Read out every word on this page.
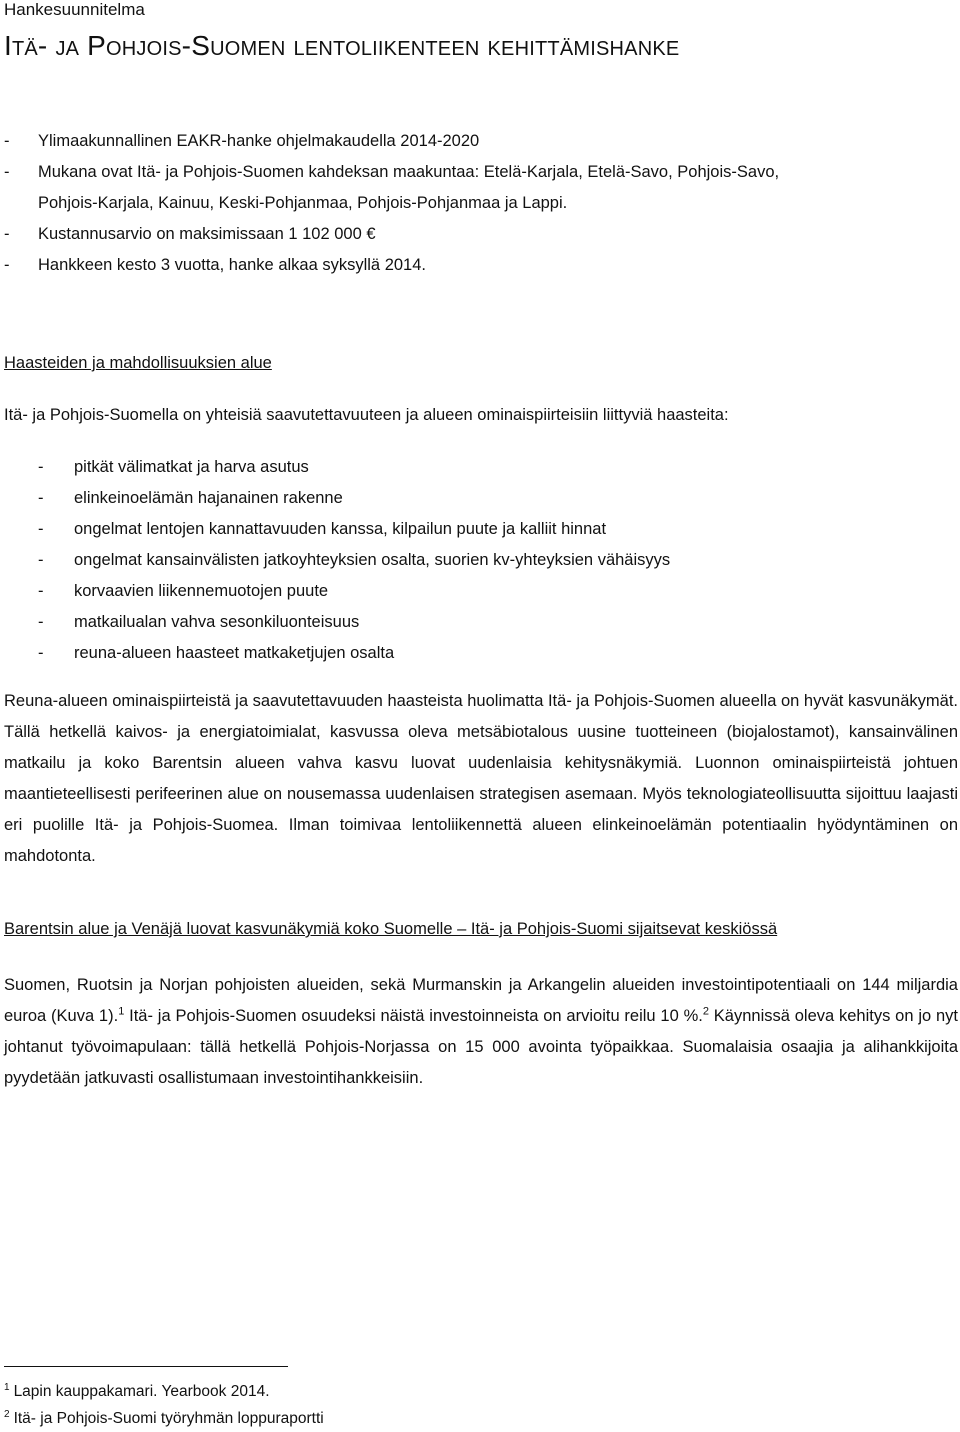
Hankesuunnitelma
Itä- ja Pohjois-Suomen lentoliikenteen kehittämishanke
- Ylimaakunnallinen EAKR-hanke ohjelmakaudella 2014-2020
- Mukana ovat Itä- ja Pohjois-Suomen kahdeksan maakuntaa: Etelä-Karjala, Etelä-Savo, Pohjois-Savo,
Pohjois-Karjala, Kainuu, Keski-Pohjanmaa, Pohjois-Pohjanmaa ja Lappi.
- Kustannusarvio on maksimissaan 1 102 000 €
- Hankkeen kesto 3 vuotta, hanke alkaa syksyllä 2014.
Haasteiden ja mahdollisuuksien alue
Itä- ja Pohjois-Suomella on yhteisiä saavutettavuuteen ja alueen ominaispiirteisiin liittyviä haasteita:
- pitkät välimatkat ja harva asutus
- elinkeinoelämän hajanainen rakenne
- ongelmat lentojen kannattavuuden kanssa, kilpailun puute ja kalliit hinnat
- ongelmat kansainvälisten jatkoyhteyksien osalta, suorien kv-yhteyksien vähäisyys
- korvaavien liikennemuotojen puute
- matkailualan vahva sesonkiluonteisuus
- reuna-alueen haasteet matkaketjujen osalta
Reuna-alueen ominaispiirteistä ja saavutettavuuden haasteista huolimatta Itä- ja Pohjois-Suomen alueella on hyvät kasvunäkymät. Tällä hetkellä kaivos- ja energiatoimialat, kasvussa oleva metsäbiotalous uusine tuotteineen (biojalostamot), kansainvälinen matkailu ja koko Barentsin alueen vahva kasvu luovat uudenlaisia kehitysnäkymiä. Luonnon ominaispiirteistä johtuen maantieteellisesti perifeerinen alue on nousemassa uudenlaisen strategisen asemaan. Myös teknologiateollisuutta sijoittuu laajasti eri puolille Itä- ja Pohjois-Suomea. Ilman toimivaa lentoliikennettä alueen elinkeinoelämän potentiaalin hyödyntäminen on mahdotonta.
Barentsin alue ja Venäjä luovat kasvunäkymiä koko Suomelle – Itä- ja Pohjois-Suomi sijaitsevat keskiössä
Suomen, Ruotsin ja Norjan pohjoisten alueiden, sekä Murmanskin ja Arkangelin alueiden investointipotentiaali on 144 miljardia euroa (Kuva 1).$^1$ Itä- ja Pohjois-Suomen osuudeksi näistä investoinneista on arvioitu reilu 10 %.$^2$ Käynnissä oleva kehitys on jo nyt johtanut työvoimapulaan: tällä hetkellä Pohjois-Norjassa on 15 000 avointa työpaikkaa. Suomalaisia osaajia ja alihankkijoita pyydetään jatkuvasti osallistumaan investointihankkeisiin.
$^1$ Lapin kauppakamari. Yearbook 2014.
$^2$ Itä- ja Pohjois-Suomi työryhmän loppuraportti
